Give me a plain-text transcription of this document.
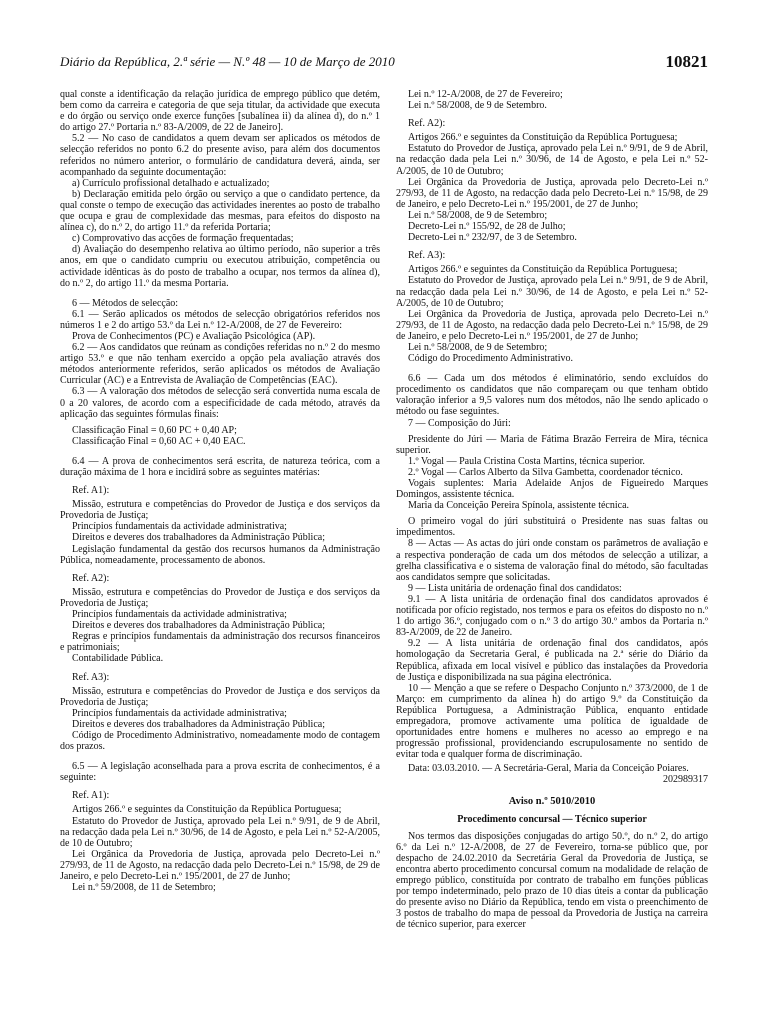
Diário da República, 2.ª série — N.º 48 — 10 de Março de 2010	10821

qual conste a identificação da relação jurídica de emprego público que detém, bem como da carreira e categoria de que seja titular, da actividade que executa e do órgão ou serviço onde exerce funções [subalínea ii) da alínea d), do n.º 1 do artigo 27.º Portaria n.º 83-A/2009, de 22 de Janeiro].

5.2 — No caso de candidatos a quem devam ser aplicados os métodos de selecção referidos no ponto 6.2 do presente aviso, para além dos documentos referidos no número anterior, o formulário de candidatura deverá, ainda, ser acompanhado da seguinte documentação:

a) Currículo profissional detalhado e actualizado;

b) Declaração emitida pelo órgão ou serviço a que o candidato pertence, da qual conste o tempo de execução das actividades inerentes ao posto de trabalho que ocupa e grau de complexidade das mesmas, para efeitos do disposto na alínea c), do n.º 2, do artigo 11.º da referida Portaria;

c) Comprovativo das acções de formação frequentadas;

d) Avaliação do desempenho relativa ao último período, não superior a três anos, em que o candidato cumpriu ou executou atribuição, competência ou actividade idênticas às do posto de trabalho a ocupar, nos termos da alínea d), do n.º 2, do artigo 11.º da mesma Portaria.

6 — Métodos de selecção:

6.1 — Serão aplicados os métodos de selecção obrigatórios referidos nos números 1 e 2 do artigo 53.º da Lei n.º 12-A/2008, de 27 de Fevereiro:

Prova de Conhecimentos (PC) e Avaliação Psicológica (AP).

6.2 — Aos candidatos que reúnam as condições referidas no n.º 2 do mesmo artigo 53.º e que não tenham exercido a opção pela avaliação através dos métodos anteriormente referidos, serão aplicados os métodos de Avaliação Curricular (AC) e a Entrevista de Avaliação de Competências (EAC).

6.3 — A valoração dos métodos de selecção será convertida numa escala de 0 a 20 valores, de acordo com a especificidade de cada método, através da aplicação das seguintes fórmulas finais:

Classificação Final = 0,60 PC + 0,40 AP;

Classificação Final = 0,60 AC + 0,40 EAC.

6.4 — A prova de conhecimentos será escrita, de natureza teórica, com a duração máxima de 1 hora e incidirá sobre as seguintes matérias:

Ref. A1):

Missão, estrutura e competências do Provedor de Justiça e dos serviços da Provedoria de Justiça;

Princípios fundamentais da actividade administrativa;

Direitos e deveres dos trabalhadores da Administração Pública;

Legislação fundamental da gestão dos recursos humanos da Administração Pública, nomeadamente, processamento de abonos.

Ref. A2):

Missão, estrutura e competências do Provedor de Justiça e dos serviços da Provedoria de Justiça;

Princípios fundamentais da actividade administrativa;

Direitos e deveres dos trabalhadores da Administração Pública;

Regras e princípios fundamentais da administração dos recursos financeiros e patrimoniais;

Contabilidade Pública.

Ref. A3):

Missão, estrutura e competências do Provedor de Justiça e dos serviços da Provedoria de Justiça;

Princípios fundamentais da actividade administrativa;

Direitos e deveres dos trabalhadores da Administração Pública;

Código de Procedimento Administrativo, nomeadamente modo de contagem dos prazos.

6.5 — A legislação aconselhada para a prova escrita de conhecimentos, é a seguinte:

Ref. A1):

Artigos 266.º e seguintes da Constituição da República Portuguesa;

Estatuto do Provedor de Justiça, aprovado pela Lei n.º 9/91, de 9 de Abril, na redacção dada pela Lei n.º 30/96, de 14 de Agosto, e pela Lei n.º 52-A/2005, de 10 de Outubro;

Lei Orgânica da Provedoria de Justiça, aprovada pelo Decreto-Lei n.º 279/93, de 11 de Agosto, na redacção dada pelo Decreto-Lei n.º 15/98, de 29 de Janeiro, e pelo Decreto-Lei n.º 195/2001, de 27 de Junho;

Lei n.º 59/2008, de 11 de Setembro;

Lei n.º 12-A/2008, de 27 de Fevereiro;

Lei n.º 58/2008, de 9 de Setembro.

Ref. A2):

Artigos 266.º e seguintes da Constituição da República Portuguesa;

Estatuto do Provedor de Justiça, aprovado pela Lei n.º 9/91, de 9 de Abril, na redacção dada pela Lei n.º 30/96, de 14 de Agosto, e pela Lei n.º 52-A/2005, de 10 de Outubro;

Lei Orgânica da Provedoria de Justiça, aprovada pelo Decreto-Lei n.º 279/93, de 11 de Agosto, na redacção dada pelo Decreto-Lei n.º 15/98, de 29 de Janeiro, e pelo Decreto-Lei n.º 195/2001, de 27 de Junho;

Lei n.º 58/2008, de 9 de Setembro;

Decreto-Lei n.º 155/92, de 28 de Julho;

Decreto-Lei n.º 232/97, de 3 de Setembro.

Ref. A3):

Artigos 266.º e seguintes da Constituição da República Portuguesa;

Estatuto do Provedor de Justiça, aprovado pela Lei n.º 9/91, de 9 de Abril, na redacção dada pela Lei n.º 30/96, de 14 de Agosto, e pela Lei n.º 52-A/2005, de 10 de Outubro;

Lei Orgânica da Provedoria de Justiça, aprovada pelo Decreto-Lei n.º 279/93, de 11 de Agosto, na redacção dada pelo Decreto-Lei n.º 15/98, de 29 de Janeiro, e pelo Decreto-Lei n.º 195/2001, de 27 de Junho;

Lei n.º 58/2008, de 9 de Setembro;

Código do Procedimento Administrativo.

6.6 — Cada um dos métodos é eliminatório, sendo excluídos do procedimento os candidatos que não compareçam ou que tenham obtido valoração inferior a 9,5 valores num dos métodos, não lhe sendo aplicado o método ou fase seguintes.

7 — Composição do Júri:

Presidente do Júri — Maria de Fátima Brazão Ferreira de Mira, técnica superior.

1.º Vogal — Paula Cristina Costa Martins, técnica superior.

2.º Vogal — Carlos Alberto da Silva Gambetta, coordenador técnico.

Vogais suplentes: Maria Adelaide Anjos de Figueiredo Marques Domingos, assistente técnica.

Maria da Conceição Pereira Spínola, assistente técnica.

O primeiro vogal do júri substituirá o Presidente nas suas faltas ou impedimentos.

8 — Actas — As actas do júri onde constam os parâmetros de avaliação e a respectiva ponderação de cada um dos métodos de selecção a utilizar, a grelha classificativa e o sistema de valoração final do método, são facultadas aos candidatos sempre que solicitadas.

9 — Lista unitária de ordenação final dos candidatos:

9.1 — A lista unitária de ordenação final dos candidatos aprovados é notificada por ofício registado, nos termos e para os efeitos do disposto no n.º 1 do artigo 36.º, conjugado com o n.º 3 do artigo 30.º ambos da Portaria n.º 83-A/2009, de 22 de Janeiro.

9.2 — A lista unitária de ordenação final dos candidatos, após homologação da Secretaria Geral, é publicada na 2.ª série do Diário da República, afixada em local visível e público das instalações da Provedoria de Justiça e disponibilizada na sua página electrónica.

10 — Menção a que se refere o Despacho Conjunto n.º 373/2000, de 1 de Março: em cumprimento da alínea h) do artigo 9.º da Constituição da República Portuguesa, a Administração Pública, enquanto entidade empregadora, promove activamente uma política de igualdade de oportunidades entre homens e mulheres no acesso ao emprego e na progressão profissional, providenciando escrupulosamente no sentido de evitar toda e qualquer forma de discriminação.

Data: 03.03.2010. — A Secretária-Geral, Maria da Conceição Poiares.

202989317

Aviso n.º 5010/2010

Procedimento concursal — Técnico superior

Nos termos das disposições conjugadas do artigo 50.º, do n.º 2, do artigo 6.º da Lei n.º 12-A/2008, de 27 de Fevereiro, torna-se público que, por despacho de 24.02.2010 da Secretária Geral da Provedoria de Justiça, se encontra aberto procedimento concursal comum na modalidade de relação de emprego público, constituída por contrato de trabalho em funções públicas por tempo indeterminado, pelo prazo de 10 dias úteis a contar da publicação do presente aviso no Diário da República, tendo em vista o preenchimento de 3 postos de trabalho do mapa de pessoal da Provedoria de Justiça na carreira de técnico superior, para exercer
